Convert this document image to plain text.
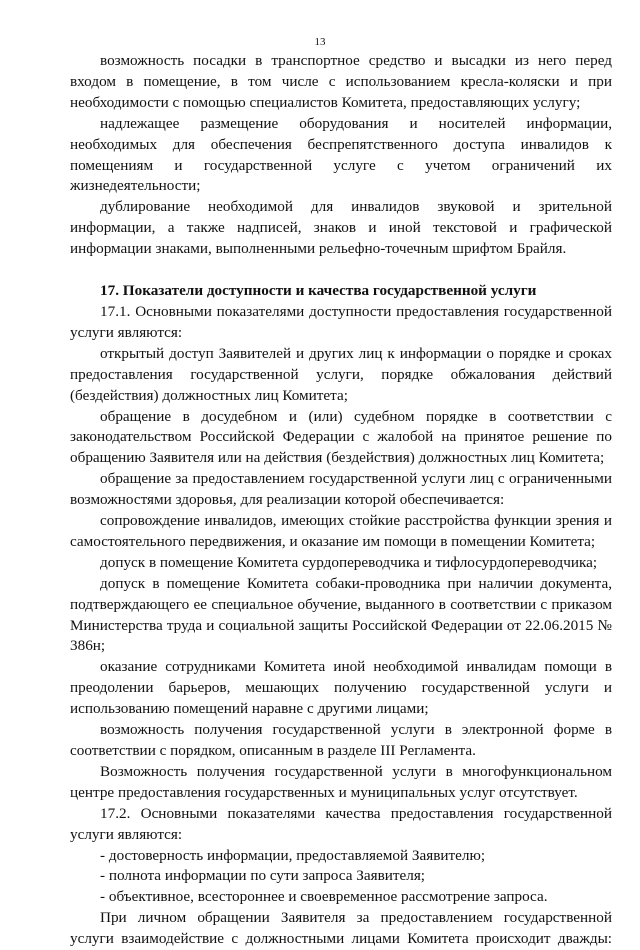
13

возможность посадки в транспортное средство и высадки из него перед входом в помещение, в том числе с использованием кресла-коляски и при необходимости с помощью специалистов Комитета, предоставляющих услугу;

надлежащее размещение оборудования и носителей информации, необходимых для обеспечения беспрепятственного доступа инвалидов к помещениям и государственной услуге с учетом ограничений их жизнедеятельности;

дублирование необходимой для инвалидов звуковой и зрительной информации, а также надписей, знаков и иной текстовой и графической информации знаками, выполненными рельефно-точечным шрифтом Брайля.

17. Показатели доступности и качества государственной услуги

17.1. Основными показателями доступности предоставления государственной услуги являются:

открытый доступ Заявителей и других лиц к информации о порядке и сроках предоставления государственной услуги, порядке обжалования действий (бездействия) должностных лиц Комитета;

обращение в досудебном и (или) судебном порядке в соответствии с законодательством Российской Федерации с жалобой на принятое решение по обращению Заявителя или на действия (бездействия) должностных лиц Комитета;

обращение за предоставлением государственной услуги лиц с ограниченными возможностями здоровья, для реализации которой обеспечивается:

сопровождение инвалидов, имеющих стойкие расстройства функции зрения и самостоятельного передвижения, и оказание им помощи в помещении Комитета;

допуск в помещение Комитета сурдопереводчика и тифлосурдопереводчика;

допуск в помещение Комитета собаки-проводника при наличии документа, подтверждающего ее специальное обучение, выданного в соответствии с приказом Министерства труда и социальной защиты Российской Федерации от 22.06.2015 № 386н;

оказание сотрудниками Комитета иной необходимой инвалидам помощи в преодолении барьеров, мешающих получению государственной услуги и использованию помещений наравне с другими лицами;

возможность получения государственной услуги в электронной форме в соответствии с порядком, описанным в разделе III Регламента.

Возможность получения государственной услуги в многофункциональном центре предоставления государственных и муниципальных услуг отсутствует.

17.2. Основными показателями качества предоставления государственной услуги являются:

- достоверность информации, предоставляемой Заявителю;

- полнота информации по сути запроса Заявителя;

- объективное, всестороннее и своевременное рассмотрение запроса.

При личном обращении Заявителя за предоставлением государственной услуги взаимодействие с должностными лицами Комитета происходит дважды:
